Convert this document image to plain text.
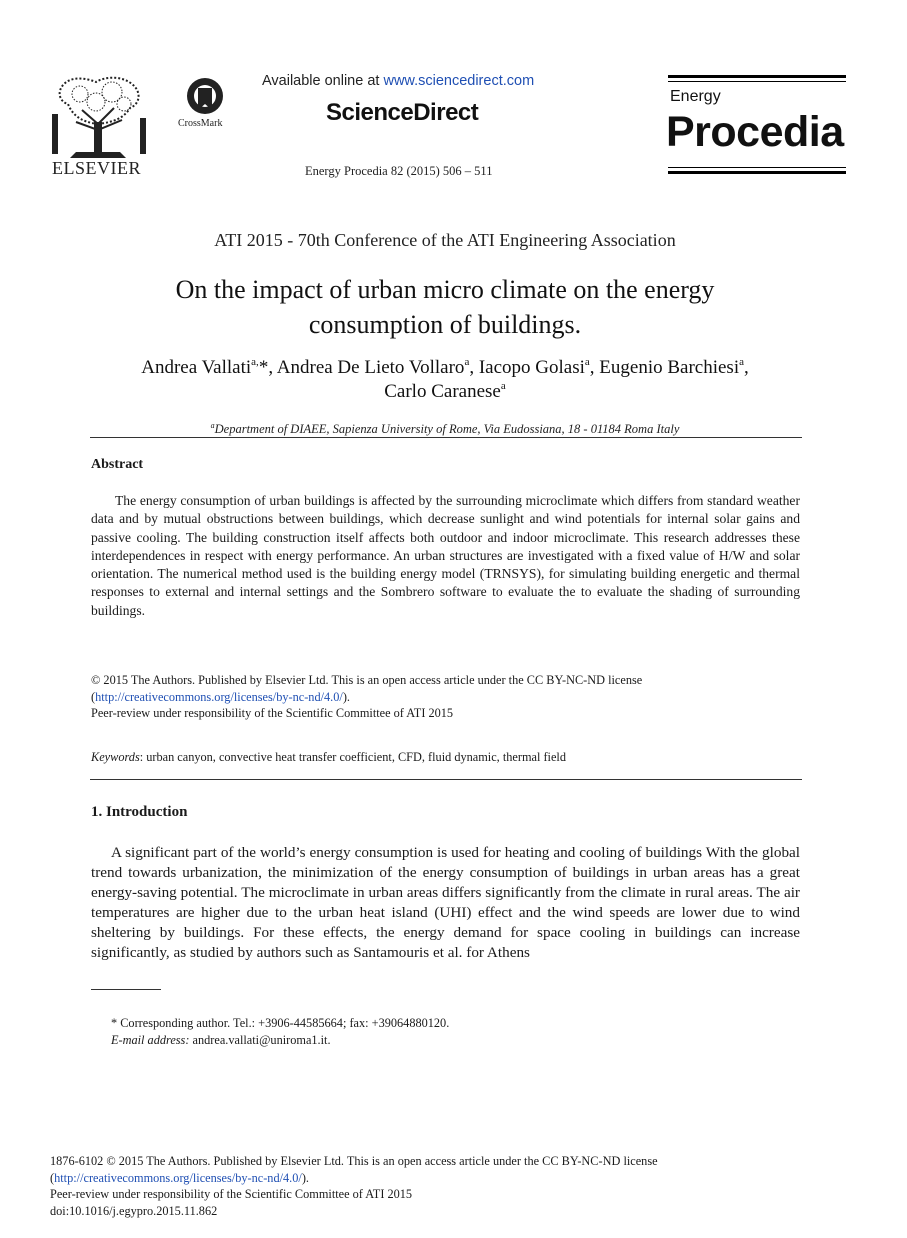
ELSEVIER
CrossMark
Available online at www.sciencedirect.com
ScienceDirect
Energy Procedia 82 (2015) 506 – 511
Energy
Procedia
ATI 2015 - 70th Conference of the ATI Engineering Association
On the impact of urban micro climate on the energy
consumption of buildings.
Andrea Vallati$^{a,}$*, Andrea De Lieto Vollaro$^a$, Iacopo Golasi$^a$, Eugenio Barchiesi$^a$,
Carlo Caranese$^a$
$^a$Department of DIAEE, Sapienza University of Rome, Via Eudossiana, 18 - 01184 Roma Italy
Abstract
The energy consumption of urban buildings is affected by the surrounding microclimate which differs from standard weather data and by mutual obstructions between buildings, which decrease sunlight and wind potentials for internal solar gains and passive cooling. The building construction itself affects both outdoor and indoor microclimate. This research addresses these interdependences in respect with energy performance. An urban structures are investigated with a fixed value of H/W and solar orientation. The numerical method used is the building energy model (TRNSYS), for simulating building energetic and thermal responses to external and internal settings and the Sombrero software to evaluate the to evaluate the shading of surrounding buildings.
© 2015 The Authors. Published by Elsevier Ltd. This is an open access article under the CC BY-NC-ND license
(http://creativecommons.org/licenses/by-nc-nd/4.0/).
Peer-review under responsibility of the Scientific Committee of ATI 2015
Keywords: urban canyon, convective heat transfer coefficient, CFD, fluid dynamic, thermal field
1. Introduction
A significant part of the world’s energy consumption is used for heating and cooling of buildings With the global trend towards urbanization, the minimization of the energy consumption of buildings in urban areas has a great energy-saving potential. The microclimate in urban areas differs significantly from the climate in rural areas. The air temperatures are higher due to the urban heat island (UHI) effect and the wind speeds are lower due to wind sheltering by buildings. For these effects, the energy demand for space cooling in buildings can increase significantly, as studied by authors such as Santamouris et al. for Athens
* Corresponding author. Tel.: +3906-44585664; fax: +39064880120.
E-mail address: andrea.vallati@uniroma1.it.
1876-6102 © 2015 The Authors. Published by Elsevier Ltd. This is an open access article under the CC BY-NC-ND license
(http://creativecommons.org/licenses/by-nc-nd/4.0/).
Peer-review under responsibility of the Scientific Committee of ATI 2015
doi:10.1016/j.egypro.2015.11.862
